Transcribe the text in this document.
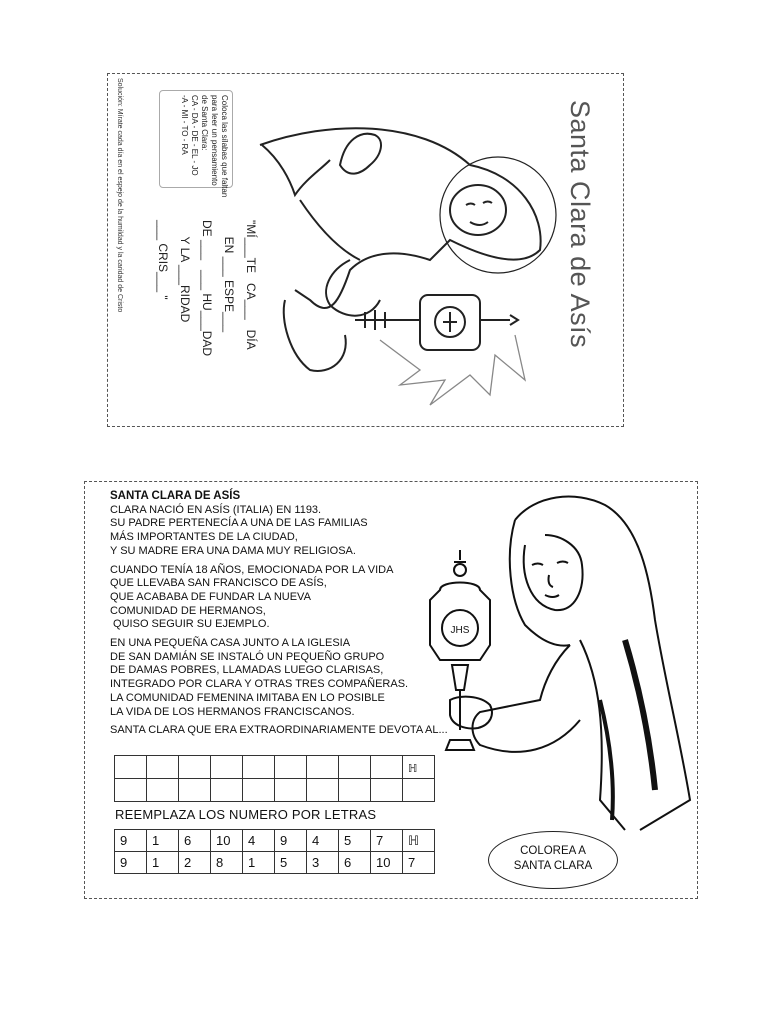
Santa Clara de Asís
Solución: Mírate cada día en el espejo de la humildad y la caridad de Cristo	Coloca las sílabas que faltan
para leer un pensamiento
de Santa Clara:
CA - DA - DE - EL - JO
-A - MI - TO - RA
"MÍ___TE   CA___   DÍA
EN ___ ESPE___
DE ___   ___ HU___DAD
Y LA ___RIDAD
___ CRIS___ "

SANTA CLARA DE ASÍS
CLARA NACIÓ EN ASÍS (ITALIA) EN 1193.
SU PADRE PERTENECÍA A UNA DE LAS FAMILIAS
MÁS IMPORTANTES DE LA CIUDAD,
Y SU MADRE ERA UNA DAMA MUY RELIGIOSA.

CUANDO TENÍA 18 AÑOS, EMOCIONADA POR LA VIDA
QUE LLEVABA SAN FRANCISCO DE ASÍS,
QUE ACABABA DE FUNDAR LA NUEVA
COMUNIDAD DE HERMANOS,
QUISO SEGUIR SU EJEMPLO.

EN UNA PEQUEÑA CASA JUNTO A LA IGLESIA
DE SAN DAMIÁN SE INSTALÓ UN PEQUEÑO GRUPO
DE DAMAS POBRES, LLAMADAS LUEGO CLARISAS,
INTEGRADO POR CLARA Y OTRAS TRES COMPAÑERAS.
LA COMUNIDAD FEMENINA IMITABA EN LO POSIBLE
LA VIDA DE LOS HERMANOS FRANCISCANOS.

SANTA CLARA QUE ERA EXTRAORDINARIAMENTE DEVOTA AL...

									ℍ

REEMPLAZA LOS NUMERO POR LETRAS
9	1	6	10	4	9	4	5	7	ℍ
9	1	2	8	1	5	3	6	10	7
COLOREA A
SANTA CLARA
JHS
